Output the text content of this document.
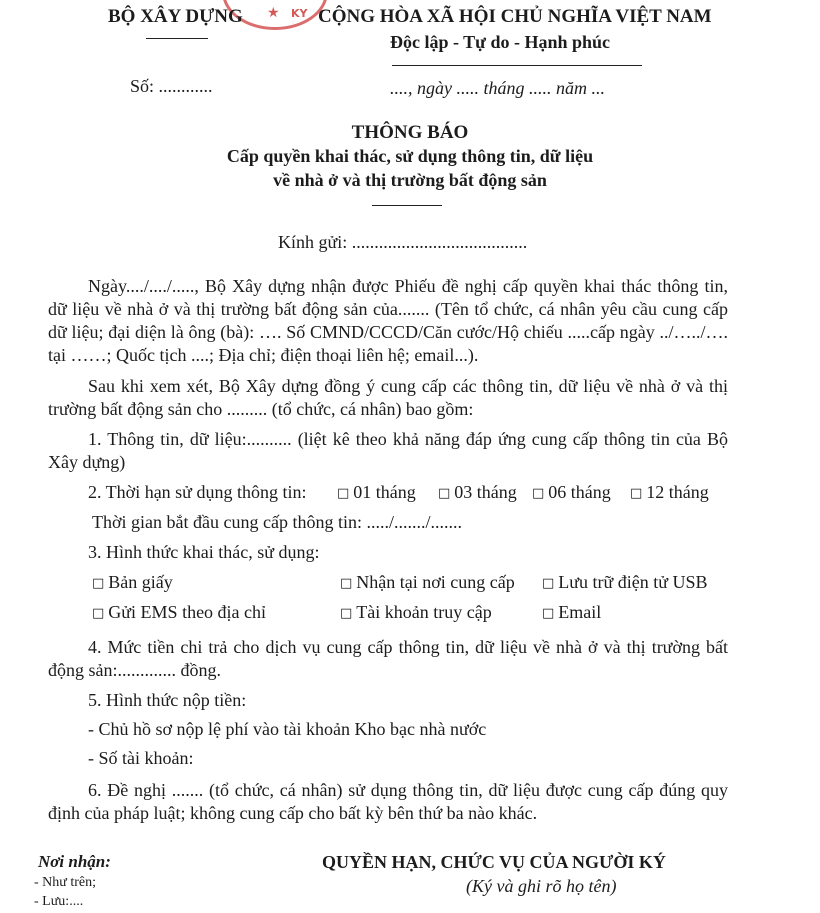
★ KY
BỘ XÂY DỰNG
Số: ............
CỘNG HÒA XÃ HỘI CHỦ NGHĨA VIỆT NAM
Độc lập - Tự do - Hạnh phúc
...., ngày ..... tháng ..... năm ...
THÔNG BÁO
Cấp quyền khai thác, sử dụng thông tin, dữ liệu
về nhà ở và thị trường bất động sản
Kính gửi: .......................................
Ngày..../..../....., Bộ Xây dựng nhận được Phiếu đề nghị cấp quyền khai thác thông tin, dữ liệu về nhà ở và thị trường bất động sản của....... (Tên tổ chức, cá nhân yêu cầu cung cấp dữ liệu; đại diện là ông (bà): …. Số CMND/CCCD/Căn cước/Hộ chiếu .....cấp ngày ../…../…. tại ……; Quốc tịch ....; Địa chỉ; điện thoại liên hệ; email...).
Sau khi xem xét, Bộ Xây dựng đồng ý cung cấp các thông tin, dữ liệu về nhà ở và thị trường bất động sản cho ......... (tổ chức, cá nhân) bao gồm:
1. Thông tin, dữ liệu:.......... (liệt kê theo khả năng đáp ứng cung cấp thông tin của Bộ Xây dựng)
2. Thời hạn sử dụng thông tin: □ 01 tháng □ 03 tháng □ 06 tháng □ 12 tháng
Thời gian bắt đầu cung cấp thông tin: ...../......./.......
3. Hình thức khai thác, sử dụng:
□ Bản giấy	□ Nhận tại nơi cung cấp □ Lưu trữ điện tử USB
□ Gửi EMS theo địa chỉ	□ Tài khoản truy cập	□ Email
4. Mức tiền chi trả cho dịch vụ cung cấp thông tin, dữ liệu về nhà ở và thị trường bất động sản:............. đồng.
5. Hình thức nộp tiền:
- Chủ hồ sơ nộp lệ phí vào tài khoản Kho bạc nhà nước
- Số tài khoản:
6. Đề nghị ....... (tổ chức, cá nhân) sử dụng thông tin, dữ liệu được cung cấp đúng quy định của pháp luật; không cung cấp cho bất kỳ bên thứ ba nào khác.
Nơi nhận:
- Như trên;
- Lưu:....
QUYỀN HẠN, CHỨC VỤ CỦA NGƯỜI KÝ
(Ký và ghi rõ họ tên)
